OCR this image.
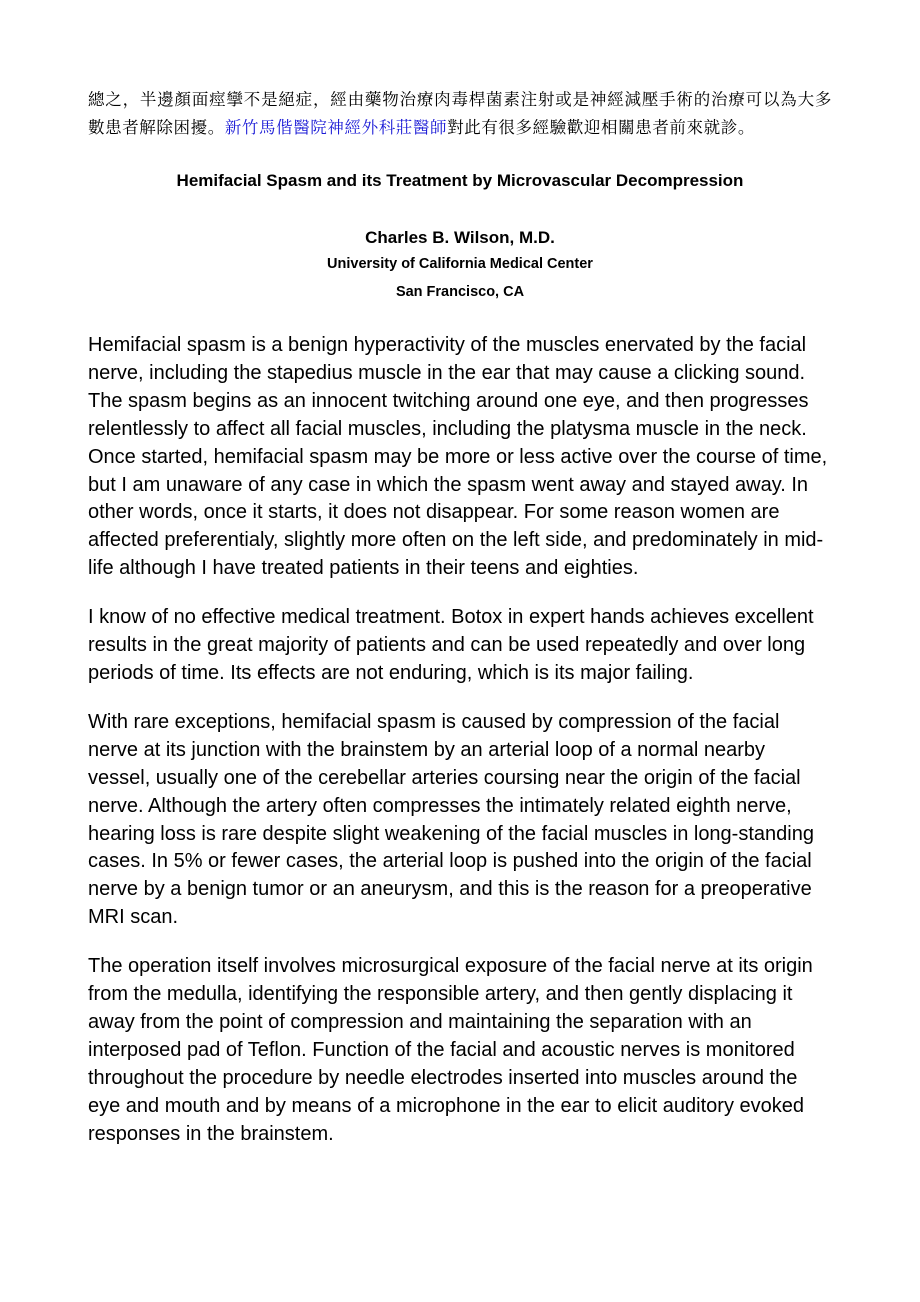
總之，半邊顏面痙攣不是絕症，經由藥物治療肉毒桿菌素注射或是神經減壓手術的治療可以為大多數患者解除困擾。新竹馬偕醫院神經外科莊醫師對此有很多經驗歡迎相關患者前來就診。

Hemifacial Spasm and its Treatment by Microvascular Decompression

Charles B. Wilson, M.D.

University of California Medical Center

San Francisco, CA

Hemifacial spasm is a benign hyperactivity of the muscles enervated by the facial nerve, including the stapedius muscle in the ear that may cause a clicking sound. The spasm begins as an innocent twitching around one eye, and then progresses relentlessly to affect all facial muscles, including the platysma muscle in the neck. Once started, hemifacial spasm may be more or less active over the course of time, but I am unaware of any case in which the spasm went away and stayed away. In other words, once it starts, it does not disappear. For some reason women are affected preferentialy, slightly more often on the left side, and predominately in mid-life although I have treated patients in their teens and eighties.

I know of no effective medical treatment. Botox in expert hands achieves excellent results in the great majority of patients and can be used repeatedly and over long periods of time. Its effects are not enduring, which is its major failing.

With rare exceptions, hemifacial spasm is caused by compression of the facial nerve at its junction with the brainstem by an arterial loop of a normal nearby vessel, usually one of the cerebellar arteries coursing near the origin of the facial nerve. Although the artery often compresses the intimately related eighth nerve, hearing loss is rare despite slight weakening of the facial muscles in long-standing cases. In 5% or fewer cases, the arterial loop is pushed into the origin of the facial nerve by a benign tumor or an aneurysm, and this is the reason for a preoperative MRI scan.

The operation itself involves microsurgical exposure of the facial nerve at its origin from the medulla, identifying the responsible artery, and then gently displacing it away from the point of compression and maintaining the separation with an interposed pad of Teflon. Function of the facial and acoustic nerves is monitored throughout the procedure by needle electrodes inserted into muscles around the eye and mouth and by means of a microphone in the ear to elicit auditory evoked responses in the brainstem.
